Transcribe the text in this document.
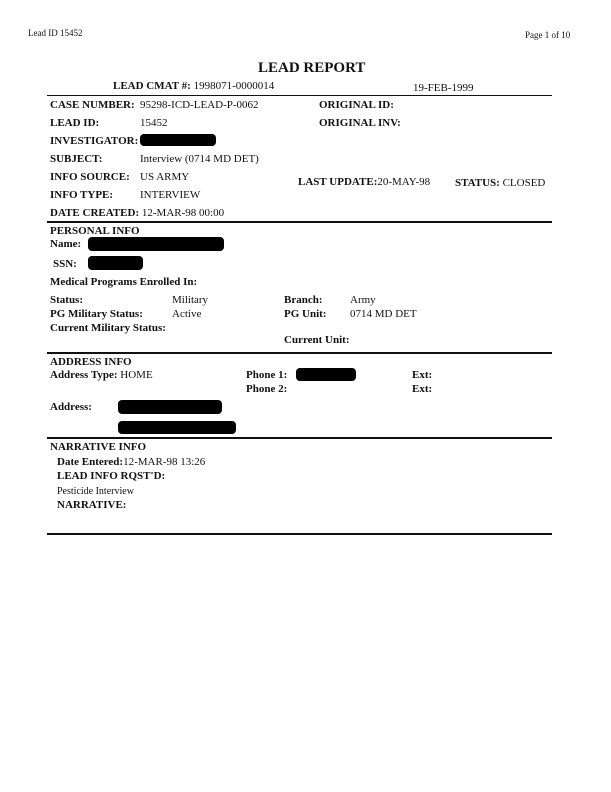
Lead ID 15452	Page 1 of 10
LEAD REPORT
LEAD CMAT #: 1998071-0000014	19-FEB-1999
CASE NUMBER: 95298-ICD-LEAD-P-0062
LEAD ID:	15452
INVESTIGATOR:
SUBJECT:	Interview (0714 MD DET)
INFO SOURCE: US ARMY
INFO TYPE: INTERVIEW
DATE CREATED: 12-MAR-98 00:00
ORIGINAL ID:
ORIGINAL INV:
LAST UPDATE:20-MAY-98 STATUS: CLOSED
PERSONAL INFO
Name:
SSN:
Medical Programs Enrolled In:
Status:	Military
PG Military Status:	Active
Current Military Status:
Branch:	Army
PG Unit: 0714 MD DET
Current Unit:
ADDRESS INFO
Address Type: HOME	Phone 1:
Phone 2:
Ext:
Ext:
Address:
NARRATIVE INFO
Date Entered:12-MAR-98 13:26
LEAD INFO RQST'D:
Pesticide Interview
NARRATIVE:
